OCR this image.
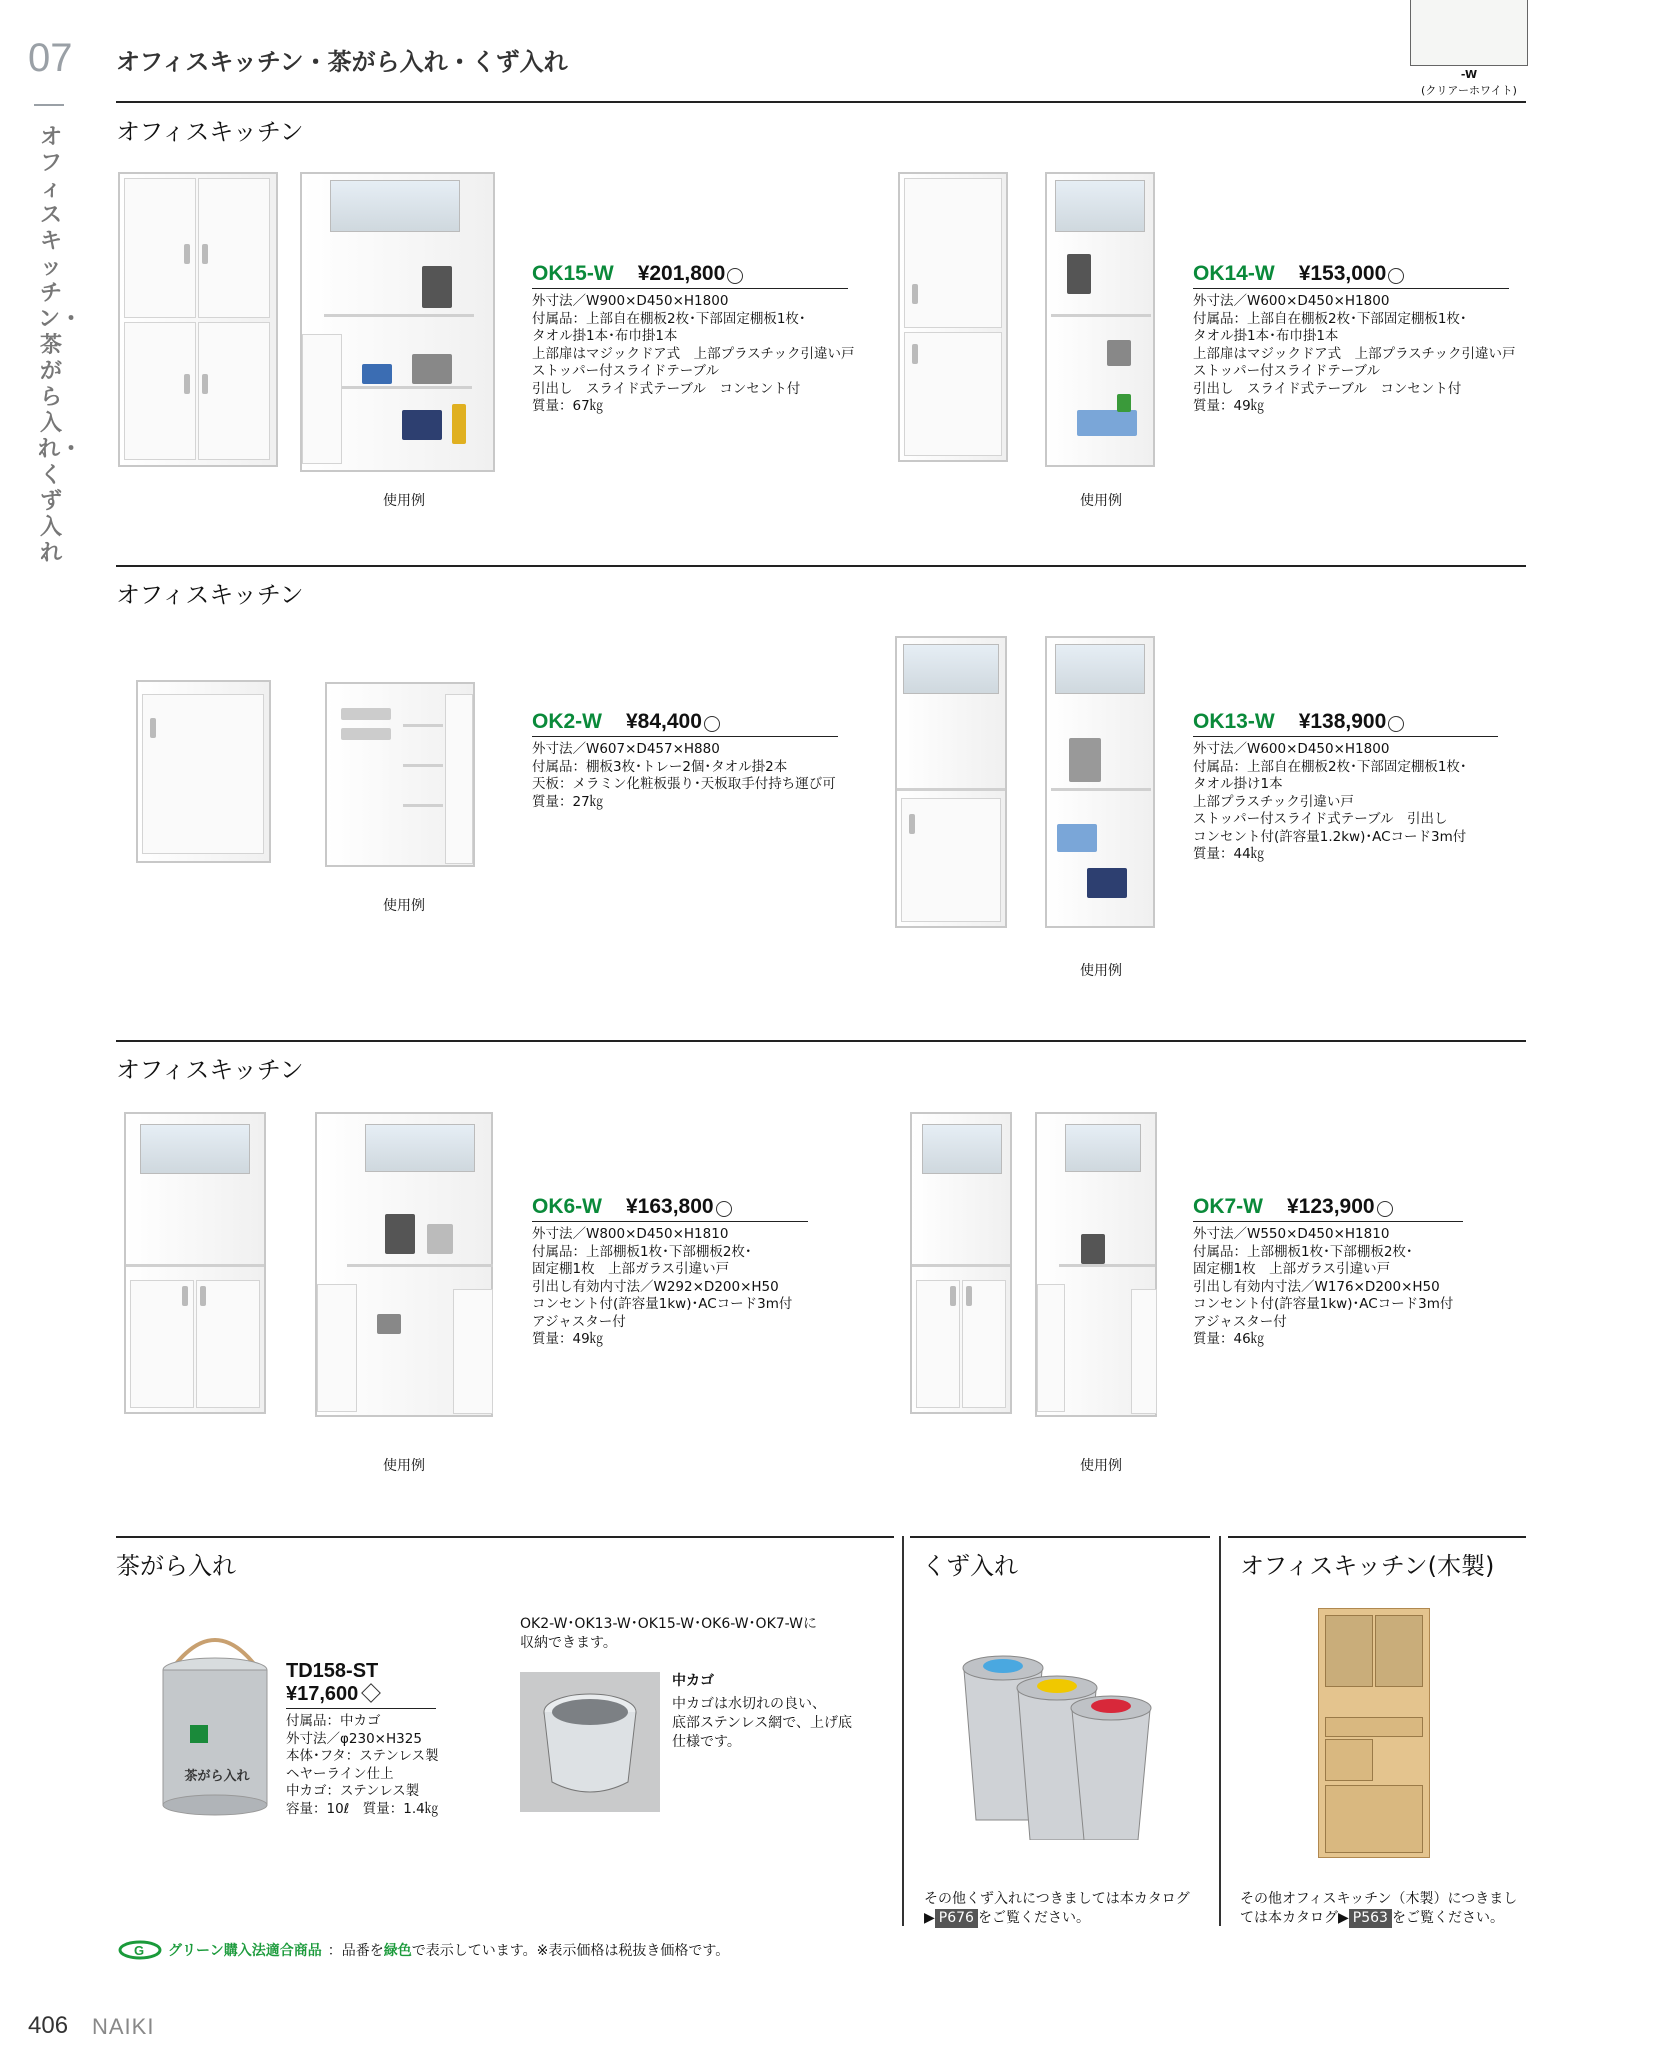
07
オフィスキッチン・茶がら入れ・くず入れ
オフィスキッチン・茶がら入れ・くず入れ	-W
(クリアーホワイト)
オフィスキッチン
使用例
OK15-W ¥201,800
外寸法／W900×D450×H1800
付属品：上部自在棚板2枚･下部固定棚板1枚･
タオル掛1本･布巾掛1本
上部扉はマジックドア式　上部プラスチック引違い戸
ストッパー付スライドテーブル
引出し　スライド式テーブル　コンセント付
質量：67㎏
使用例
OK14-W ¥153,000
外寸法／W600×D450×H1800
付属品：上部自在棚板2枚･下部固定棚板1枚･
タオル掛1本･布巾掛1本
上部扉はマジックドア式　上部プラスチック引違い戸
ストッパー付スライドテーブル
引出し　スライド式テーブル　コンセント付
質量：49㎏
オフィスキッチン
使用例
OK2-W ¥84,400
外寸法／W607×D457×H880
付属品：棚板3枚･トレー2個･タオル掛2本
天板：メラミン化粧板張り･天板取手付持ち運び可
質量：27㎏
使用例
OK13-W ¥138,900
外寸法／W600×D450×H1800
付属品：上部自在棚板2枚･下部固定棚板1枚･
タオル掛け1本
上部プラスチック引違い戸
ストッパー付スライド式テーブル　引出し
コンセント付(許容量1.2kw)･ACコード3m付
質量：44㎏
オフィスキッチン
使用例
OK6-W ¥163,800
外寸法／W800×D450×H1810
付属品：上部棚板1枚･下部棚板2枚･
固定棚1枚　上部ガラス引違い戸
引出し有効内寸法／W292×D200×H50
コンセント付(許容量1kw)･ACコード3m付
アジャスター付
質量：49㎏
使用例
OK7-W ¥123,900
外寸法／W550×D450×H1810
付属品：上部棚板1枚･下部棚板2枚･
固定棚1枚　上部ガラス引違い戸
引出し有効内寸法／W176×D200×H50
コンセント付(許容量1kw)･ACコード3m付
アジャスター付
質量：46㎏
茶がら入れ	くず入れ	オフィスキッチン(木製)
茶がら入れ
TD158-ST
¥17,600
付属品：中カゴ
外寸法／φ230×H325
本体･フタ：ステンレス製
ヘヤーライン仕上
中カゴ：ステンレス製
容量：10ℓ　質量：1.4㎏
OK2-W･OK13-W･OK15-W･OK6-W･OK7-Wに
収納できます。
中カゴ
中カゴは水切れの良い、
底部ステンレス網で、上げ底
仕様です。
その他くず入れにつきましては本カタログ
▶ P676 をご覧ください。
その他オフィスキッチン（木製）につきまし
ては本カタログ▶ P563 をご覧ください。
G グリーン購入法適合商品 ：品番を緑色で表示しています。※表示価格は税抜き価格です。
406 NAIKI
